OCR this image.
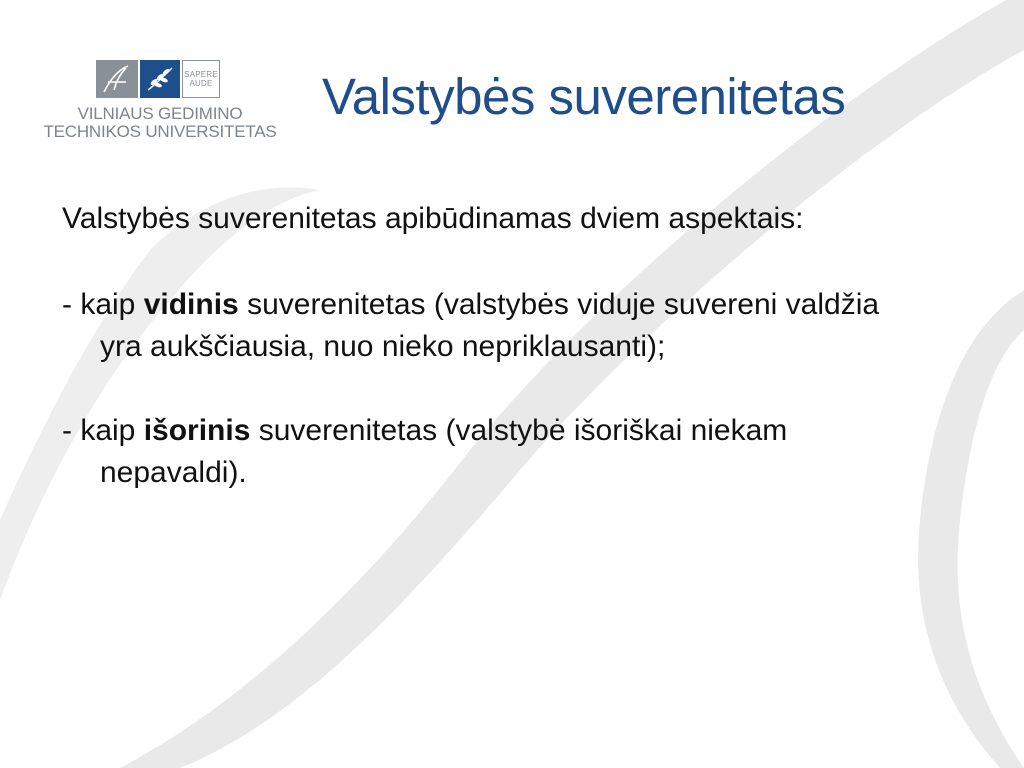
SAPERE
AUDE
VILNIAUS GEDIMINO
TECHNIKOS UNIVERSITETAS
Valstybės suverenitetas

Valstybės suverenitetas apibūdinamas dviem aspektais:

- kaip vidinis suverenitetas (valstybės viduje suvereni valdžia yra aukščiausia, nuo nieko nepriklausanti);

- kaip išorinis suverenitetas (valstybė išoriškai niekam nepavaldi).
